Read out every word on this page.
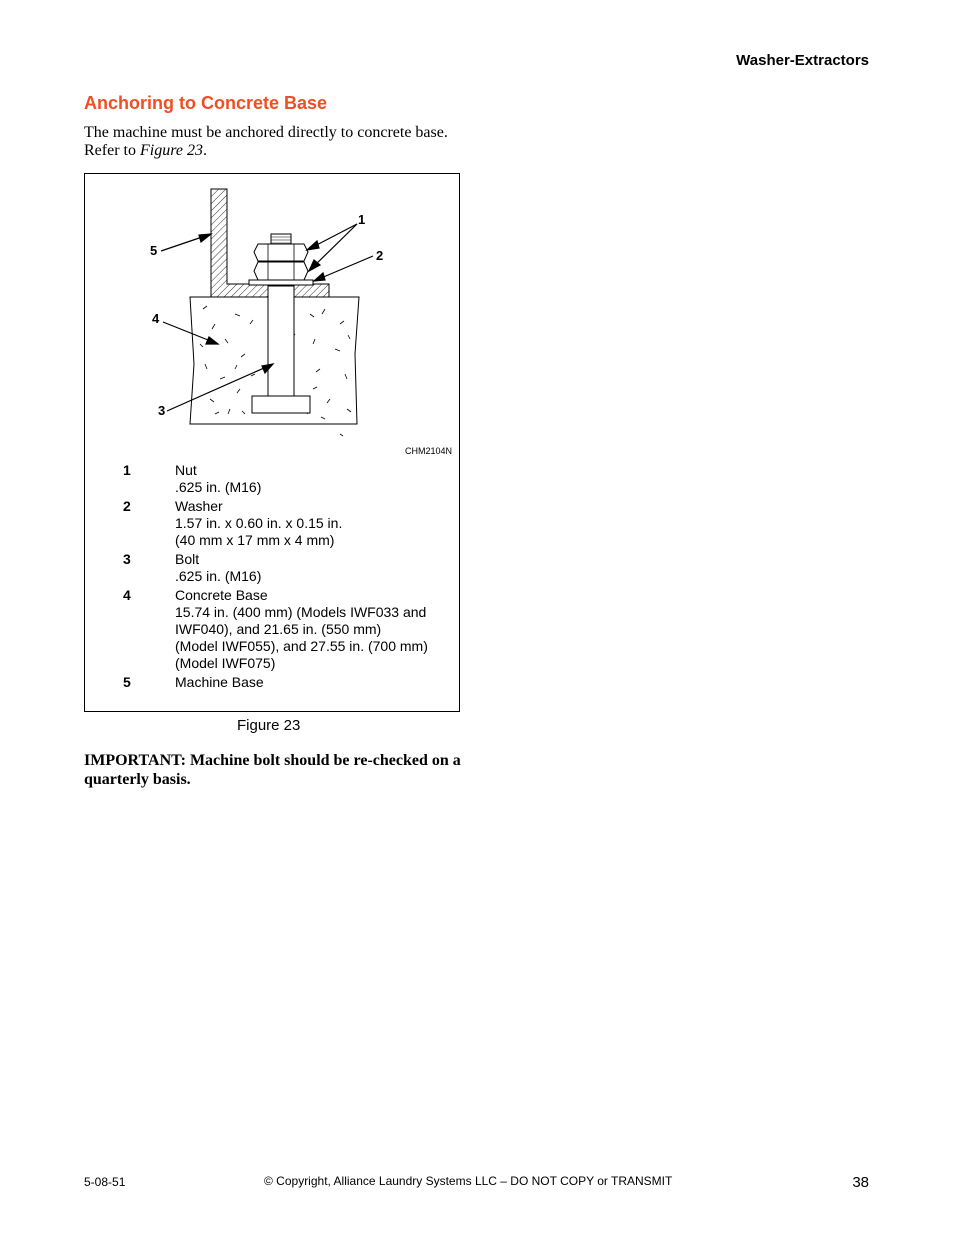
Washer-Extractors
Anchoring to Concrete Base
The machine must be anchored directly to concrete base. Refer to Figure 23.
1
2
3
4
5
CHM2104N
1	Nut
.625 in. (M16)
2	Washer
1.57 in. x 0.60 in. x 0.15 in.
(40 mm x 17 mm x 4 mm)
3	Bolt
.625 in. (M16)
4	Concrete Base
15.74 in. (400 mm) (Models IWF033 and
IWF040), and 21.65 in. (550 mm)
(Model IWF055), and 27.55 in. (700 mm)
(Model IWF075)
5	Machine Base
Figure 23
IMPORTANT: Machine bolt should be re-checked on a quarterly basis.
5-08-51	© Copyright, Alliance Laundry Systems LLC – DO NOT COPY or TRANSMIT	38
